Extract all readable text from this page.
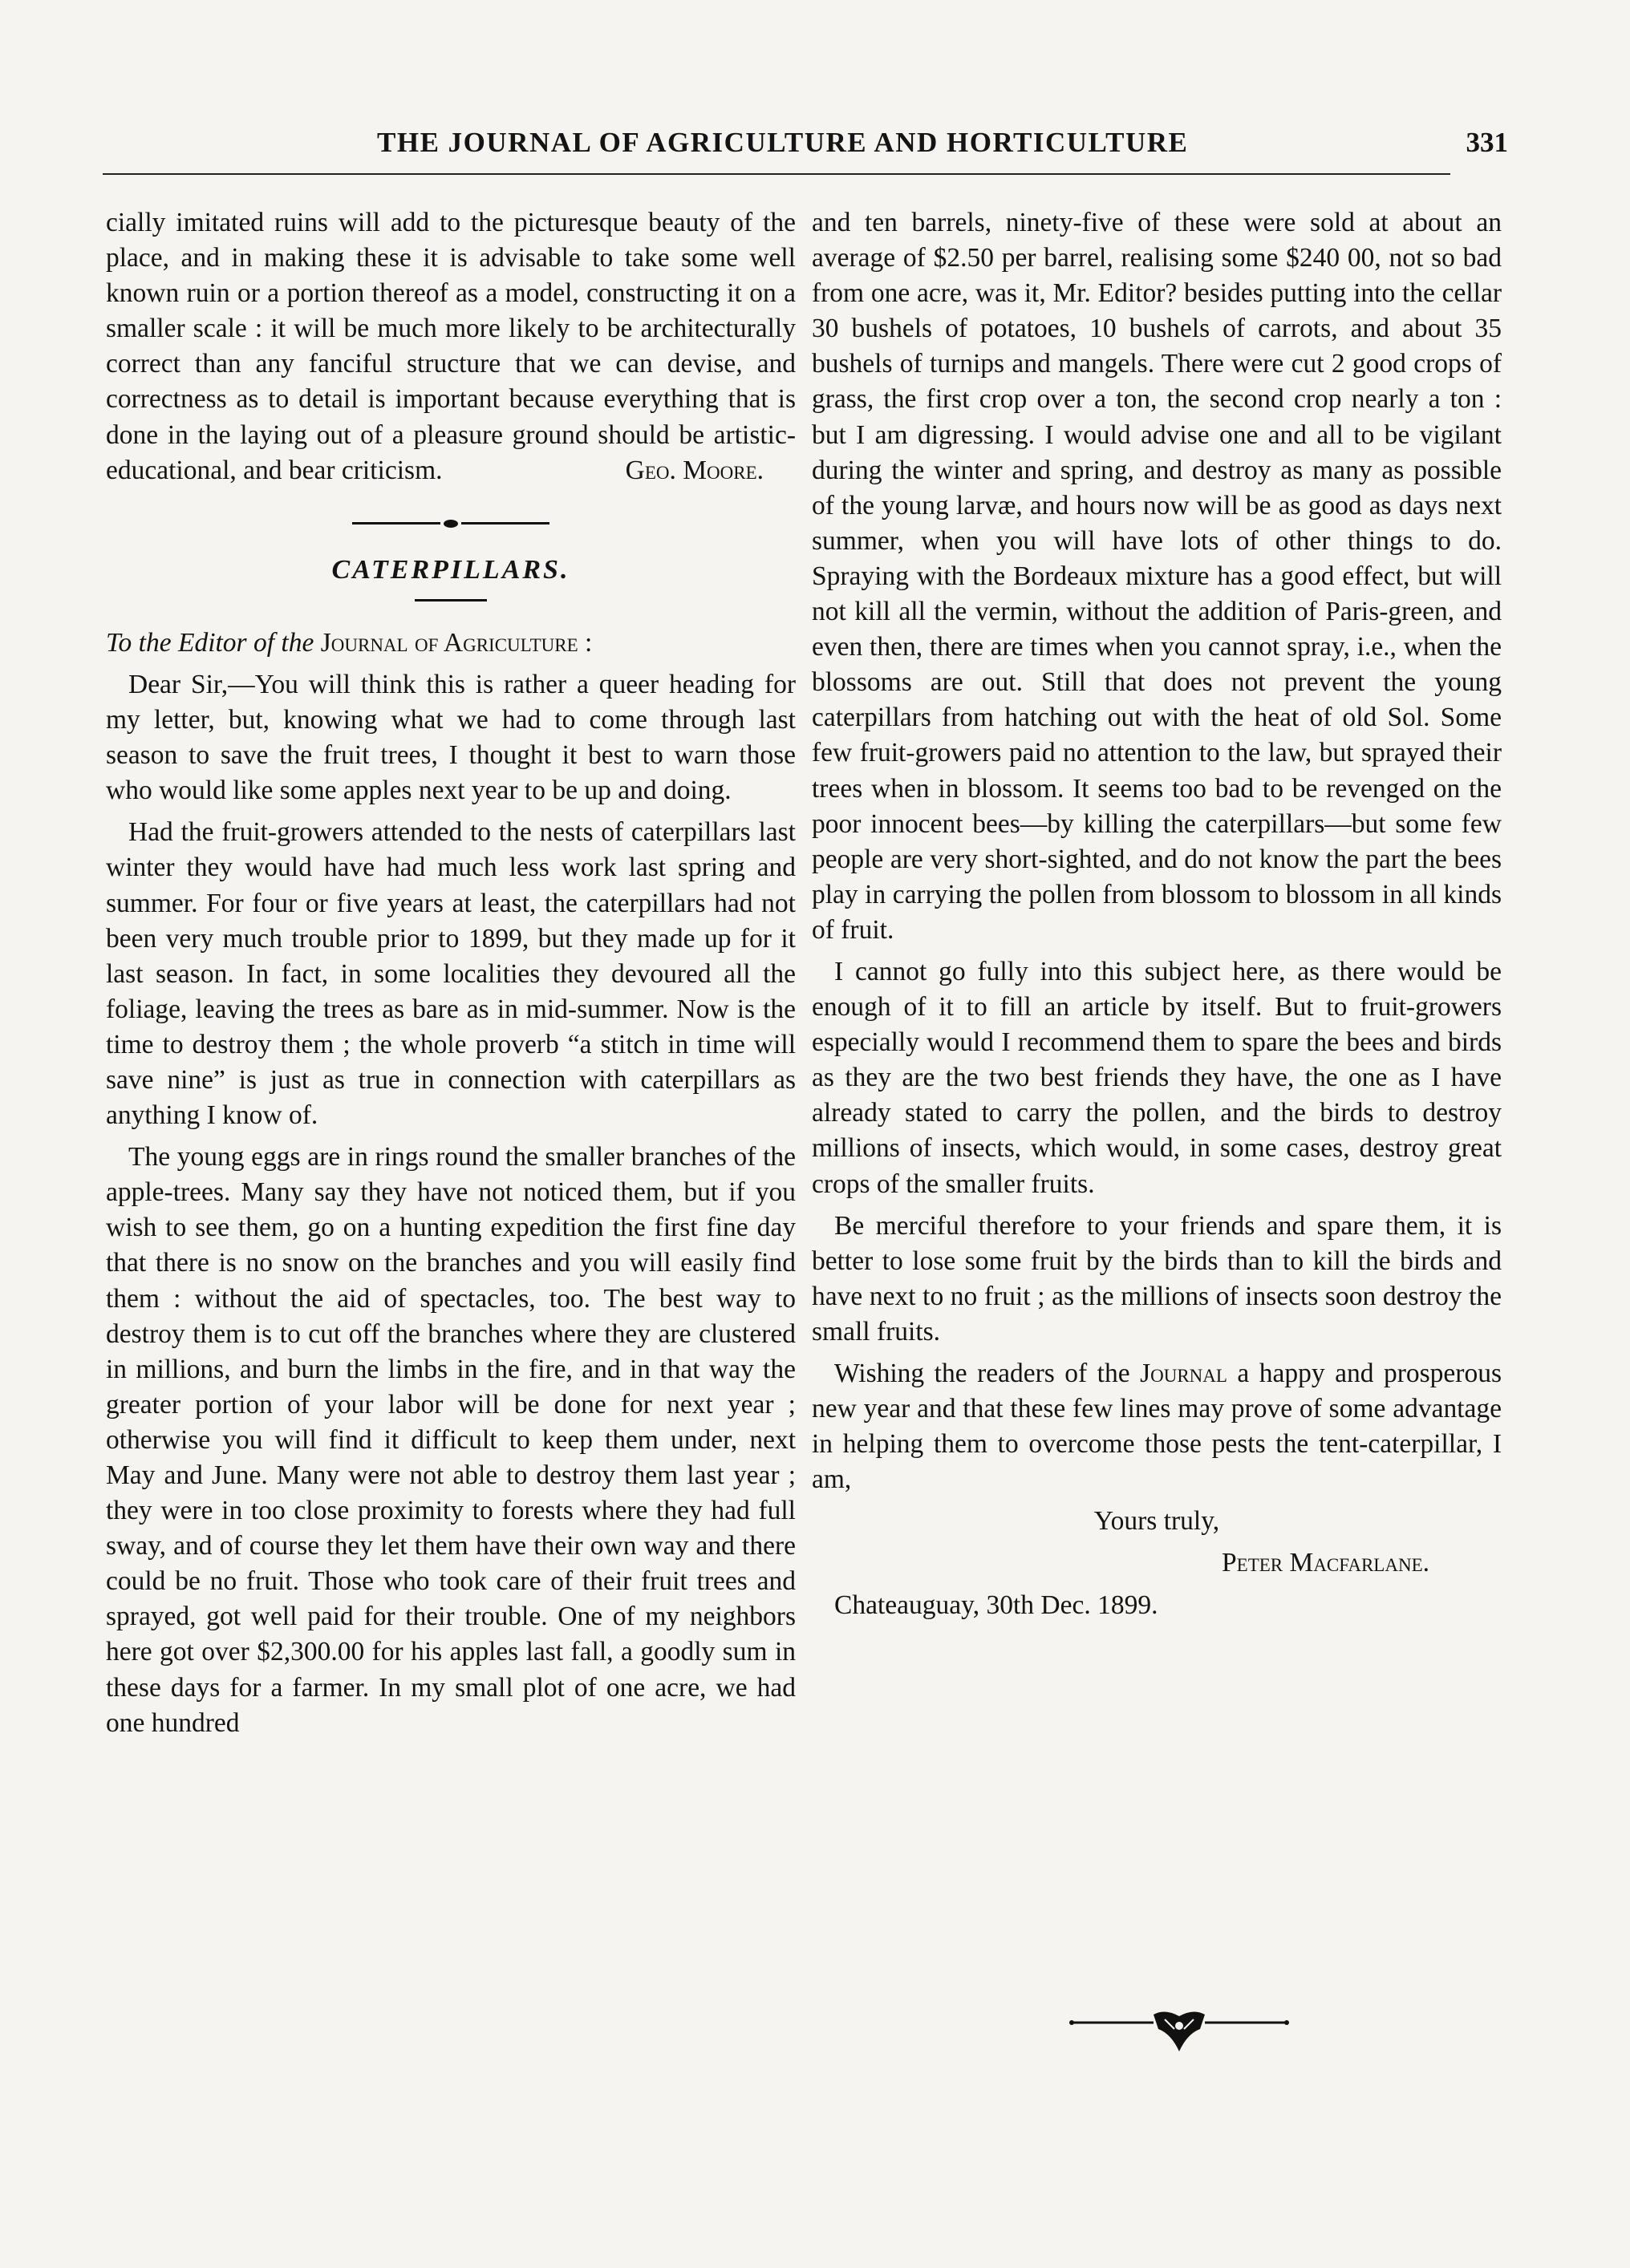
THE JOURNAL OF AGRICULTURE AND HORTICULTURE	331

cially imitated ruins will add to the picturesque beauty of the place, and in making these it is advisable to take some well known ruin or a portion thereof as a model, constructing it on a smaller scale : it will be much more likely to be architecturally correct than any fanciful structure that we can devise, and correctness as to detail is important because everything that is done in the laying out of a pleasure ground should be artistic-educational, and bear criticism.	Geo. Moore.

CATERPILLARS.

To the Editor of the Journal of Agriculture :

Dear Sir,—You will think this is rather a queer heading for my letter, but, knowing what we had to come through last season to save the fruit trees, I thought it best to warn those who would like some apples next year to be up and doing.

Had the fruit-growers attended to the nests of caterpillars last winter they would have had much less work last spring and summer. For four or five years at least, the caterpillars had not been very much trouble prior to 1899, but they made up for it last season. In fact, in some localities they devoured all the foliage, leaving the trees as bare as in mid-summer. Now is the time to destroy them ; the whole proverb “a stitch in time will save nine” is just as true in connection with caterpillars as anything I know of.

The young eggs are in rings round the smaller branches of the apple-trees. Many say they have not noticed them, but if you wish to see them, go on a hunting expedition the first fine day that there is no snow on the branches and you will easily find them : without the aid of spectacles, too. The best way to destroy them is to cut off the branches where they are clustered in millions, and burn the limbs in the fire, and in that way the greater portion of your labor will be done for next year ; otherwise you will find it difficult to keep them under, next May and June. Many were not able to destroy them last year ; they were in too close proximity to forests where they had full sway, and of course they let them have their own way and there could be no fruit. Those who took care of their fruit trees and sprayed, got well paid for their trouble. One of my neighbors here got over $2,300.00 for his apples last fall, a goodly sum in these days for a farmer. In my small plot of one acre, we had one hundred

and ten barrels, ninety-five of these were sold at about an average of $2.50 per barrel, realising some $240 00, not so bad from one acre, was it, Mr. Editor? besides putting into the cellar 30 bushels of potatoes, 10 bushels of carrots, and about 35 bushels of turnips and mangels. There were cut 2 good crops of grass, the first crop over a ton, the second crop nearly a ton : but I am digressing. I would advise one and all to be vigilant during the winter and spring, and destroy as many as possible of the young larvæ, and hours now will be as good as days next summer, when you will have lots of other things to do. Spraying with the Bordeaux mixture has a good effect, but will not kill all the vermin, without the addition of Paris-green, and even then, there are times when you cannot spray, i.e., when the blossoms are out. Still that does not prevent the young caterpillars from hatching out with the heat of old Sol. Some few fruit-growers paid no attention to the law, but sprayed their trees when in blossom. It seems too bad to be revenged on the poor innocent bees—by killing the caterpillars—but some few people are very short-sighted, and do not know the part the bees play in carrying the pollen from blossom to blossom in all kinds of fruit.

I cannot go fully into this subject here, as there would be enough of it to fill an article by itself. But to fruit-growers especially would I recommend them to spare the bees and birds as they are the two best friends they have, the one as I have already stated to carry the pollen, and the birds to destroy millions of insects, which would, in some cases, destroy great crops of the smaller fruits.

Be merciful therefore to your friends and spare them, it is better to lose some fruit by the birds than to kill the birds and have next to no fruit ; as the millions of insects soon destroy the small fruits.

Wishing the readers of the Journal a happy and prosperous new year and that these few lines may prove of some advantage in helping them to overcome those pests the tent-caterpillar, I am,

Yours truly,

Peter Macfarlane.

Chateauguay, 30th Dec. 1899.
